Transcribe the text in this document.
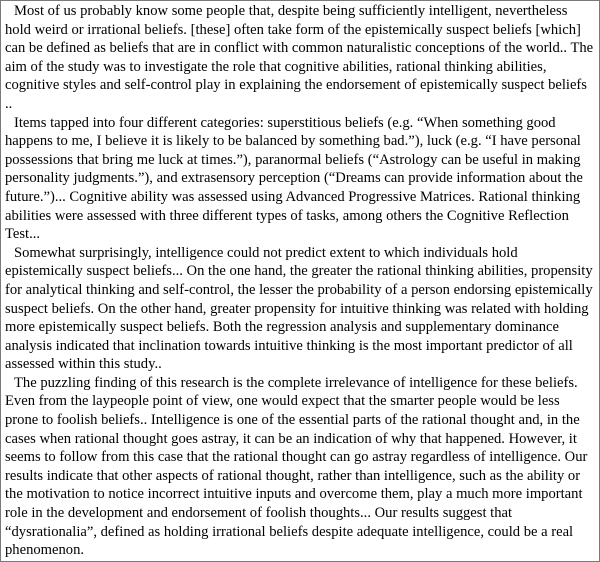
Most of us probably know some people that, despite being sufficiently intelligent, nevertheless hold weird or irrational beliefs. [these] often take form of the epistemically suspect beliefs [which] can be defined as beliefs that are in conflict with common naturalistic conceptions of the world.. The aim of the study was to investigate the role that cognitive abilities, rational thinking abilities, cognitive styles and self-control play in explaining the endorsement of epistemically suspect beliefs ..

Items tapped into four different categories: superstitious beliefs (e.g. “When something good happens to me, I believe it is likely to be balanced by something bad.”), luck (e.g. “I have personal possessions that bring me luck at times.”), paranormal beliefs (“Astrology can be useful in making personality judgments.”), and extrasensory perception (“Dreams can provide information about the future.”)... Cognitive ability was assessed using Advanced Progressive Matrices. Rational thinking abilities were assessed with three different types of tasks, among others the Cognitive Reflection Test...

Somewhat surprisingly, intelligence could not predict extent to which individuals hold epistemically suspect beliefs... On the one hand, the greater the rational thinking abilities, propensity for analytical thinking and self-control, the lesser the probability of a person endorsing epistemically suspect beliefs. On the other hand, greater propensity for intuitive thinking was related with holding more epistemically suspect beliefs. Both the regression analysis and supplementary dominance analysis indicated that inclination towards intuitive thinking is the most important predictor of all assessed within this study..

The puzzling finding of this research is the complete irrelevance of intelligence for these beliefs. Even from the laypeople point of view, one would expect that the smarter people would be less prone to foolish beliefs.. Intelligence is one of the essential parts of the rational thought and, in the cases when rational thought goes astray, it can be an indication of why that happened. However, it seems to follow from this case that the rational thought can go astray regardless of intelligence. Our results indicate that other aspects of rational thought, rather than intelligence, such as the ability or the motivation to notice incorrect intuitive inputs and overcome them, play a much more important role in the development and endorsement of foolish thoughts... Our results suggest that “dysrationalia”, defined as holding irrational beliefs despite adequate intelligence, could be a real phenomenon.
